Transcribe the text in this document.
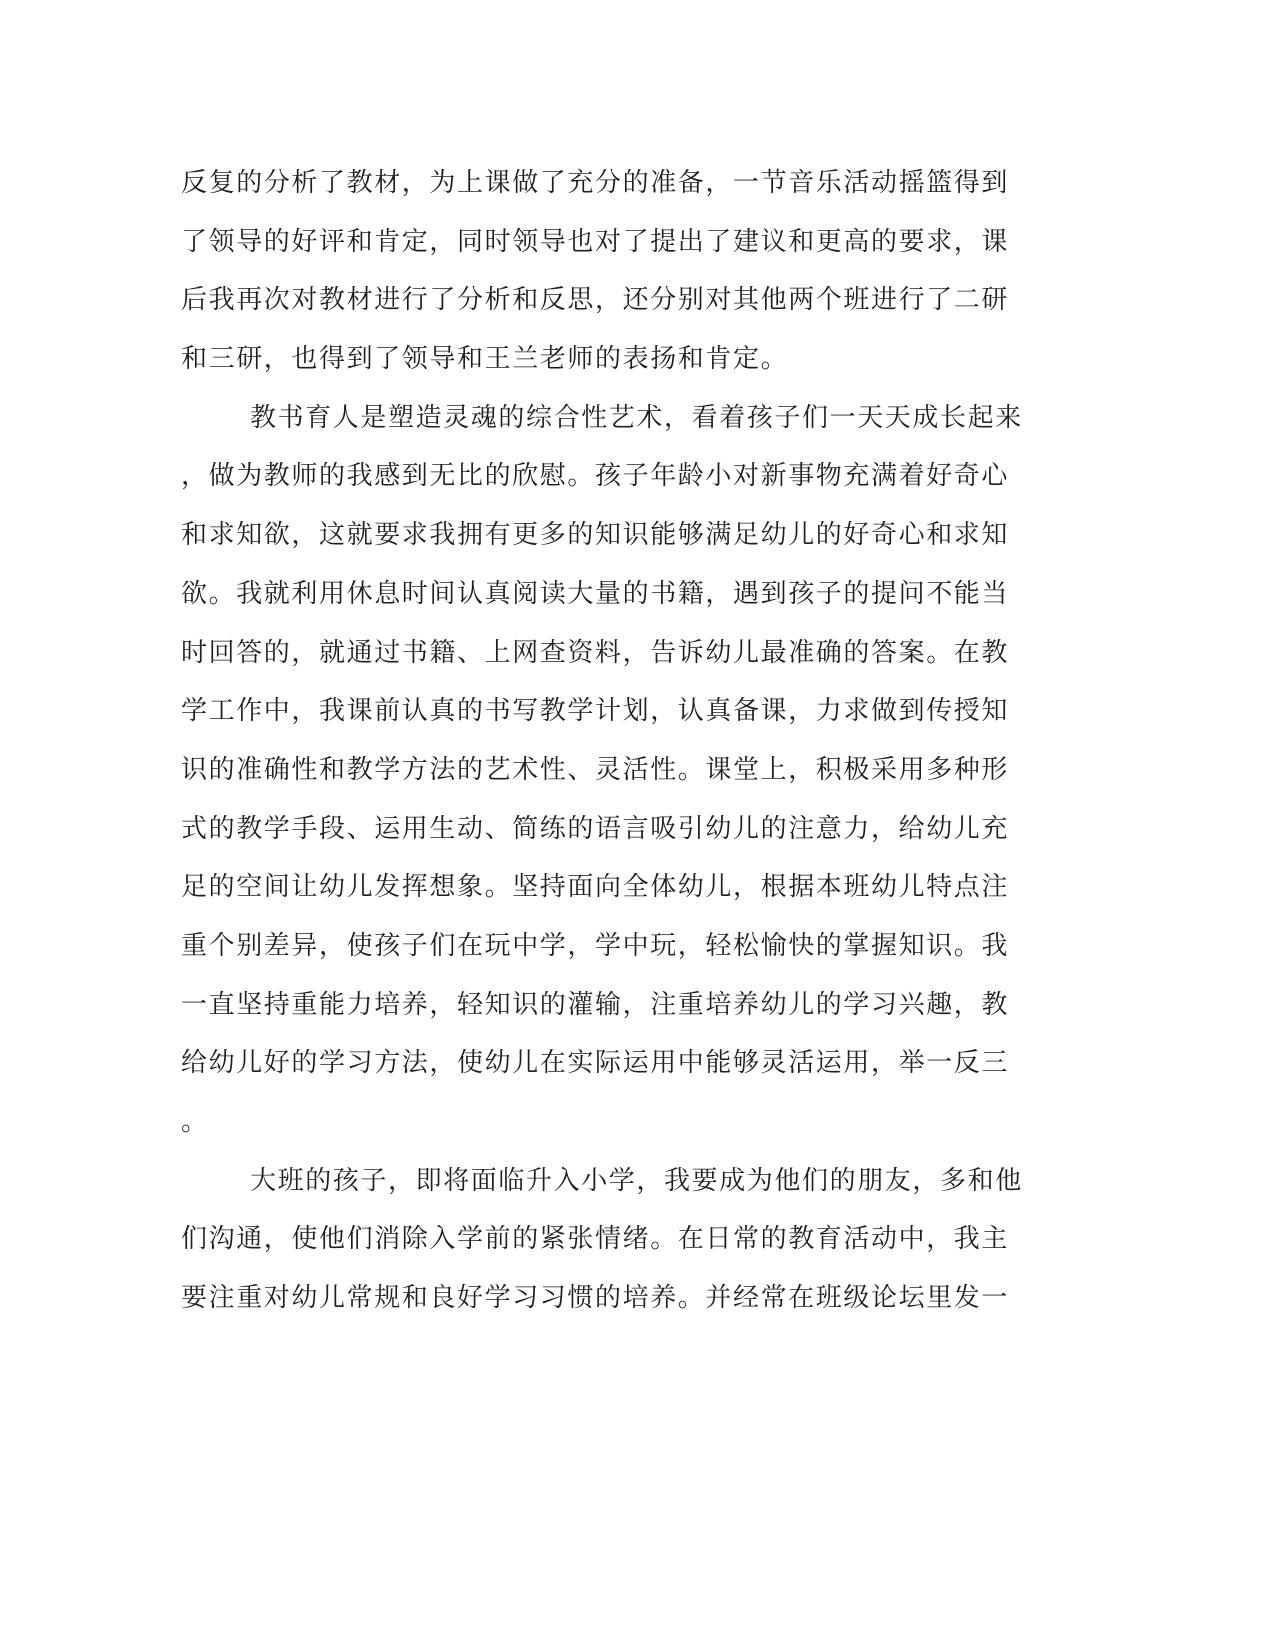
反复的分析了教材，为上课做了充分的准备，一节音乐活动摇篮得到
了领导的好评和肯定，同时领导也对了提出了建议和更高的要求，课
后我再次对教材进行了分析和反思，还分别对其他两个班进行了二研
和三研，也得到了领导和王兰老师的表扬和肯定。
教书育人是塑造灵魂的综合性艺术，看着孩子们一天天成长起来
，做为教师的我感到无比的欣慰。孩子年龄小对新事物充满着好奇心
和求知欲，这就要求我拥有更多的知识能够满足幼儿的好奇心和求知
欲。我就利用休息时间认真阅读大量的书籍，遇到孩子的提问不能当
时回答的，就通过书籍、上网查资料，告诉幼儿最准确的答案。在教
学工作中，我课前认真的书写教学计划，认真备课，力求做到传授知
识的准确性和教学方法的艺术性、灵活性。课堂上，积极采用多种形
式的教学手段、运用生动、简练的语言吸引幼儿的注意力，给幼儿充
足的空间让幼儿发挥想象。坚持面向全体幼儿，根据本班幼儿特点注
重个别差异，使孩子们在玩中学，学中玩，轻松愉快的掌握知识。我
一直坚持重能力培养，轻知识的灌输，注重培养幼儿的学习兴趣，教
给幼儿好的学习方法，使幼儿在实际运用中能够灵活运用，举一反三
。
大班的孩子，即将面临升入小学，我要成为他们的朋友，多和他
们沟通，使他们消除入学前的紧张情绪。在日常的教育活动中，我主
要注重对幼儿常规和良好学习习惯的培养。并经常在班级论坛里发一
